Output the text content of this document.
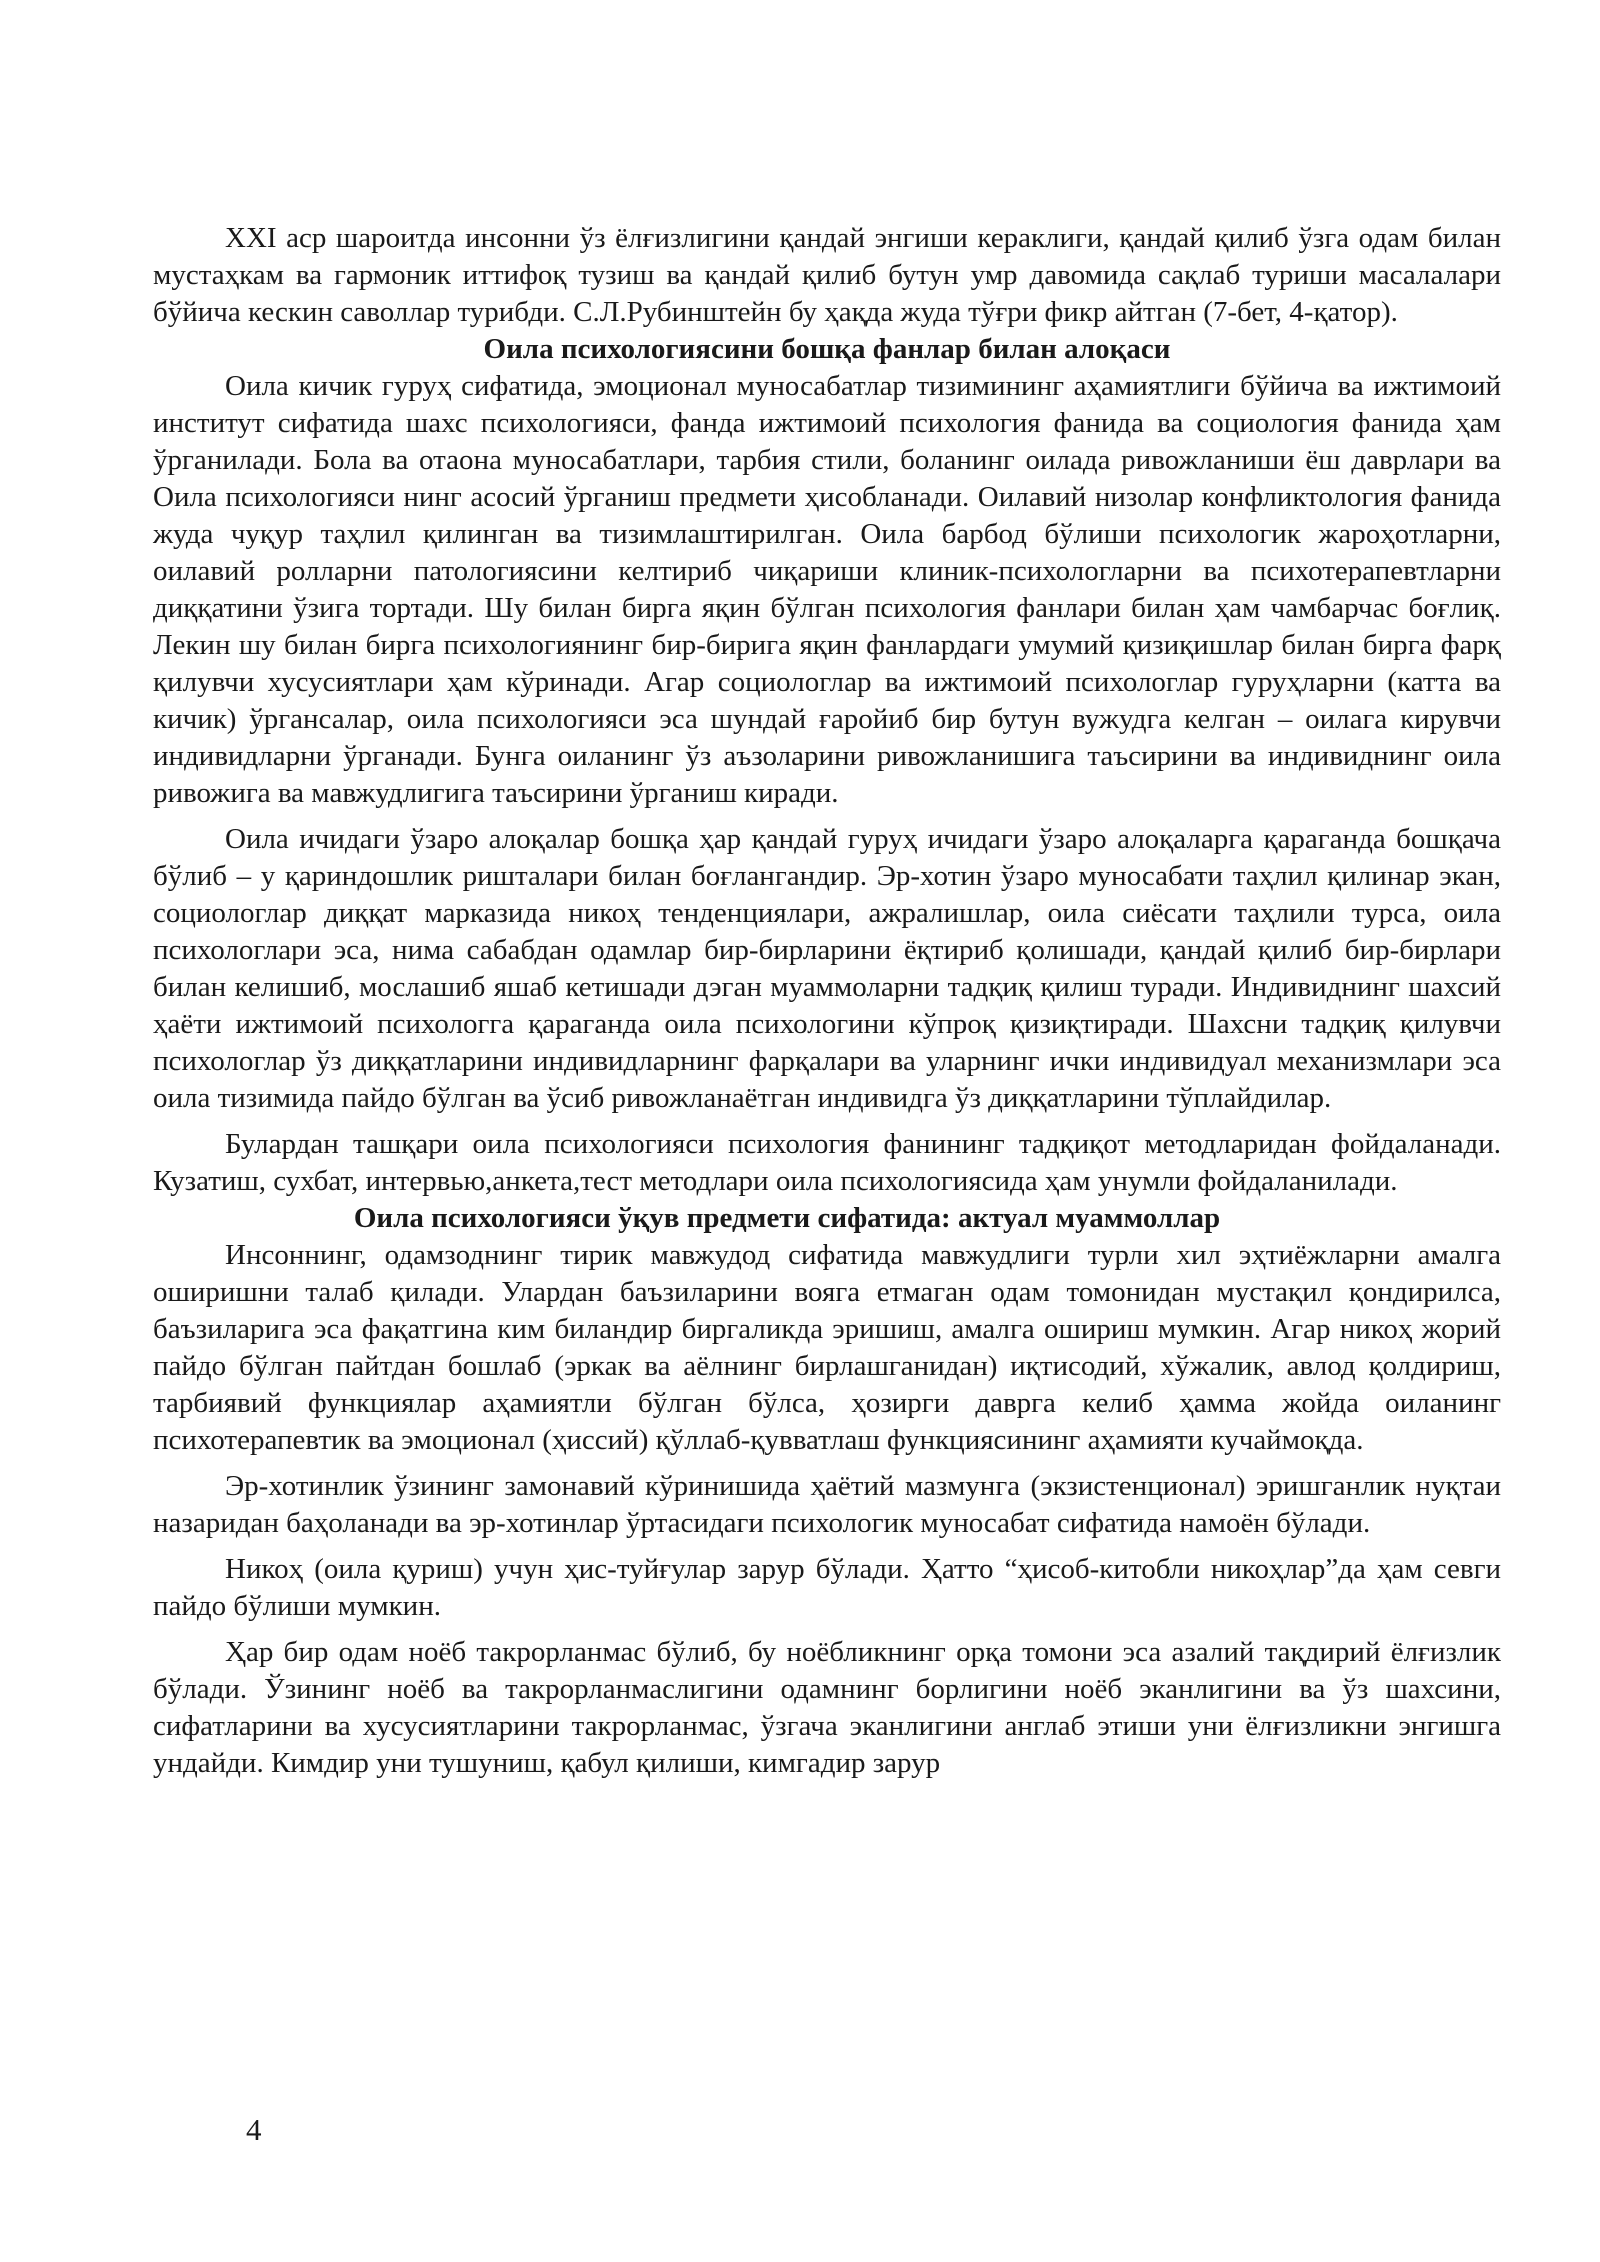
XXI аср шароитда инсонни ўз ёлғизлигини қандай энгиши кераклиги, қандай қилиб ўзга одам билан мустаҳкам ва гармоник иттифоқ тузиш ва қандай қилиб бутун умр давомида сақлаб туриши масалалари бўйича кескин саволлар турибди. С.Л.Рубинштейн бу ҳақда жуда тўғри фикр айтган (7-бет, 4-қатор).

Оила психологиясини бошқа фанлар билан алоқаси

Оила кичик гуруҳ сифатида, эмоционал муносабатлар тизимининг аҳамиятлиги бўйича ва ижтимоий институт сифатида шахс психологияси, фанда ижтимоий психология фанида ва социология фанида ҳам ўрганилади. Бола ва отаона муносабатлари, тарбия стили, боланинг оилада ривожланиши ёш даврлари ва Оила психологияси нинг асосий ўрганиш предмети ҳисобланади. Оилавий низолар конфликтология фанида жуда чуқур таҳлил қилинган ва тизимлаштирилган. Оила барбод бўлиши психологик жароҳотларни, оилавий ролларни патологиясини келтириб чиқариши клиник-психологларни ва психотерапевтларни диққатини ўзига тортади. Шу билан бирга яқин бўлган психология фанлари билан ҳам чамбарчас боғлиқ. Лекин шу билан бирга психологиянинг бир-бирига яқин фанлардаги умумий қизиқишлар билан бирга фарқ қилувчи хусусиятлари ҳам кўринади. Агар социологлар ва ижтимоий психологлар гуруҳларни (катта ва кичик) ўргансалар, оила психологияси эса шундай ғаройиб бир бутун вужудга келган – оилага кирувчи индивидларни ўрганади. Бунга оиланинг ўз аъзоларини ривожланишига таъсирини ва индивиднинг оила ривожига ва мавжудлигига таъсирини ўрганиш киради.

Оила ичидаги ўзаро алоқалар бошқа ҳар қандай гуруҳ ичидаги ўзаро алоқаларга қараганда бошқача бўлиб – у қариндошлик ришталари билан боғлангандир. Эр-хотин ўзаро муносабати таҳлил қилинар экан, социологлар диққат марказида никоҳ тенденциялари, ажралишлар, оила сиёсати таҳлили турса, оила психологлари эса, нима сабабдан одамлар бир-бирларини ёқтириб қолишади, қандай қилиб бир-бирлари билан келишиб, мослашиб яшаб кетишади дэган муаммоларни тадқиқ қилиш туради. Индивиднинг шахсий ҳаёти ижтимоий психологга қараганда оила психологини кўпроқ қизиқтиради. Шахсни тадқиқ қилувчи психологлар ўз диққатларини индивидларнинг фарқалари ва уларнинг ички индивидуал механизмлари эса оила тизимида пайдо бўлган ва ўсиб ривожланаётган индивидга ўз диққатларини тўплайдилар.

Булардан ташқари оила психологияси психология фанининг тадқиқот методларидан фойдаланади. Кузатиш, сухбат, интервью,анкета,тест методлари оила психологиясида ҳам унумли фойдаланилади.

Оила психологияси ўқув предмети сифатида: актуал муаммоллар

Инсоннинг, одамзоднинг тирик мавжудод сифатида мавжудлиги турли хил эҳтиёжларни амалга оширишни талаб қилади. Улардан баъзиларини вояга етмаган одам томонидан мустақил қондирилса, баъзиларига эса фақатгина ким биландир биргаликда эришиш, амалга ошириш мумкин. Агар никоҳ жорий пайдо бўлган пайтдан бошлаб (эркак ва аёлнинг бирлашганидан) иқтисодий, хўжалик, авлод қолдириш, тарбиявий функциялар аҳамиятли бўлган бўлса, ҳозирги даврга келиб ҳамма жойда оиланинг психотерапевтик ва эмоционал (ҳиссий) қўллаб-қувватлаш функциясининг аҳамияти кучаймоқда.

Эр-хотинлик ўзининг замонавий кўринишида ҳаётий мазмунга (экзистенционал) эришганлик нуқтаи назаридан баҳоланади ва эр-хотинлар ўртасидаги психологик муносабат сифатида намоён бўлади.

Никоҳ (оила қуриш) учун ҳис-туйғулар зарур бўлади. Ҳатто “ҳисоб-китобли никоҳлар”да ҳам севги пайдо бўлиши мумкин.

Ҳар бир одам ноёб такрорланмас бўлиб, бу ноёбликнинг орқа томони эса азалий тақдирий ёлғизлик бўлади. Ўзининг ноёб ва такрорланмаслигини одамнинг борлигини ноёб эканлигини ва ўз шахсини, сифатларини ва хусусиятларини такрорланмас, ўзгача эканлигини англаб этиши уни ёлғизликни энгишга ундайди. Кимдир уни тушуниш, қабул қилиши, кимгадир зарур

4
